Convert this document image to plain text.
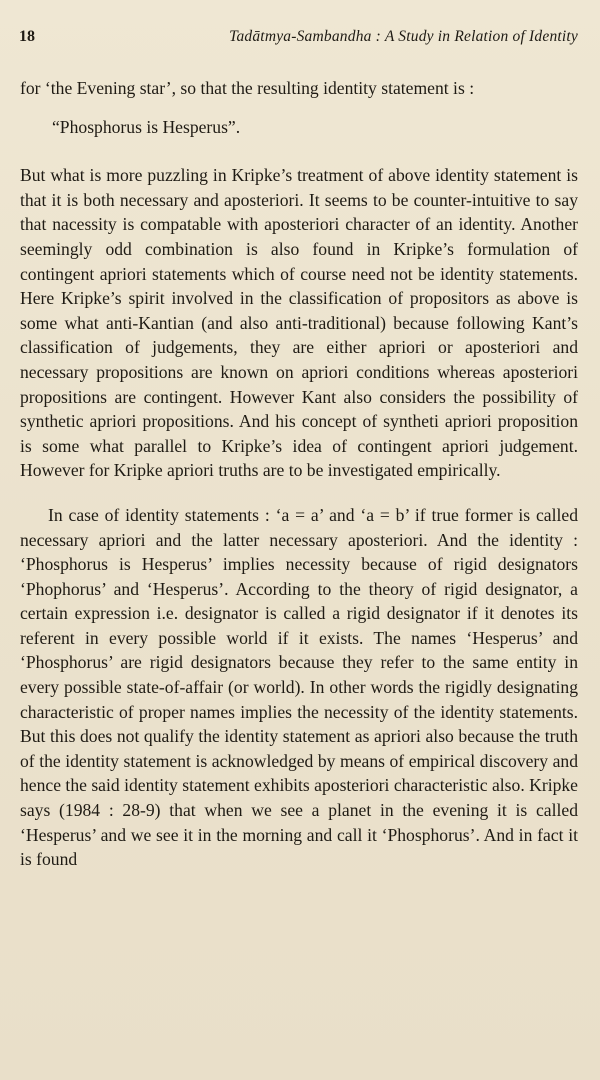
18	Tadātmya-Sambandha : A Study in Relation of Identity

for ‘the Evening star’, so that the resulting identity statement is :

“Phosphorus is Hesperus”.

But what is more puzzling in Kripke’s treatment of above identity statement is that it is both necessary and aposteriori. It seems to be counter-intuitive to say that nacessity is compatable with aposteriori character of an identity. Another seemingly odd combination is also found in Kripke’s formulation of contingent apriori statements which of course need not be identity statements. Here Kripke’s spirit involved in the classification of propositors as above is some what anti-Kantian (and also anti-traditional) because following Kant’s classification of judgements, they are either apriori or aposteriori and necessary propositions are known on apriori conditions whereas aposteriori propositions are contingent. However Kant also considers the possibility of synthetic apriori propositions. And his concept of syntheti apriori proposition is some what parallel to Kripke’s idea of contingent apriori judgement. However for Kripke apriori truths are to be investigated empirically.

In case of identity statements : ‘a = a’ and ‘a = b’ if true former is called necessary apriori and the latter necessary aposteriori. And the identity : ‘Phosphorus is Hesperus’ implies necessity because of rigid designators ‘Phophorus’ and ‘Hesperus’. According to the theory of rigid designator, a certain expression i.e. designator is called a rigid designator if it denotes its referent in every possible world if it exists. The names ‘Hesperus’ and ‘Phosphorus’ are rigid designators because they refer to the same entity in every possible state-of-affair (or world). In other words the rigidly designating characteristic of proper names implies the necessity of the identity statements. But this does not qualify the identity statement as apriori also because the truth of the identity statement is acknowledged by means of empirical discovery and hence the said identity statement exhibits aposteriori characteristic also. Kripke says (1984 : 28-9) that when we see a planet in the evening it is called ‘Hesperus’ and we see it in the morning and call it ‘Phosphorus’. And in fact it is found
